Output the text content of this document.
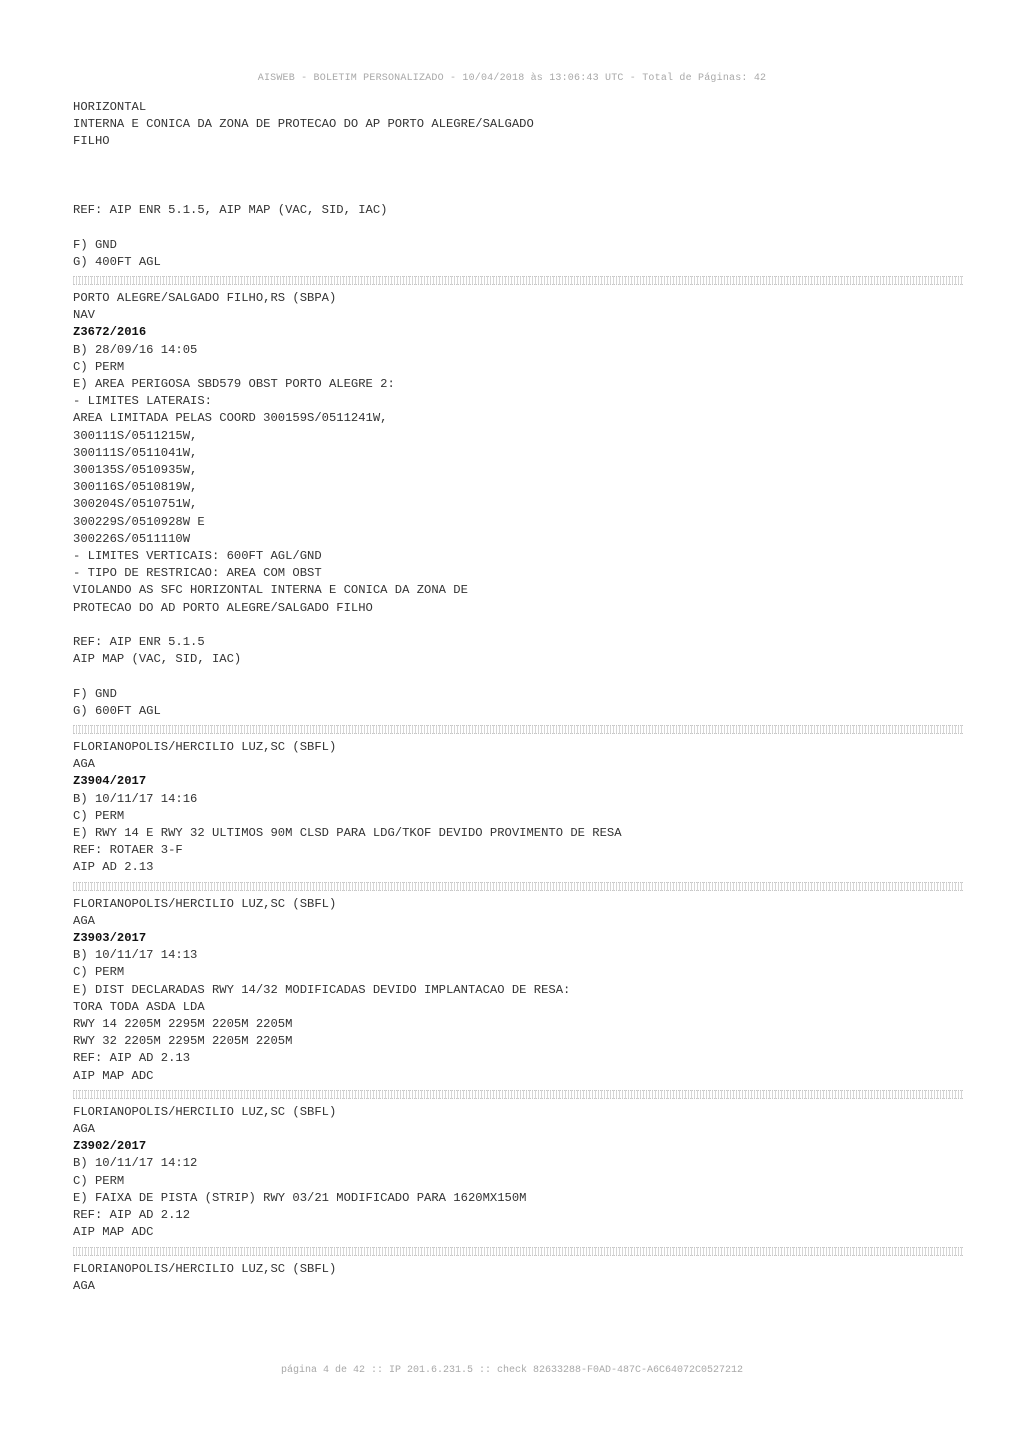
AISWEB - BOLETIM PERSONALIZADO - 10/04/2018 às 13:06:43 UTC - Total de Páginas: 42
HORIZONTAL
INTERNA E CONICA DA ZONA DE PROTECAO DO AP PORTO ALEGRE/SALGADO
FILHO
REF: AIP ENR 5.1.5, AIP MAP (VAC, SID, IAC)
F) GND
G) 400FT AGL
PORTO ALEGRE/SALGADO FILHO,RS (SBPA)
NAV
Z3672/2016
B) 28/09/16 14:05
C) PERM
E) AREA PERIGOSA SBD579 OBST PORTO ALEGRE 2:
- LIMITES LATERAIS:
AREA LIMITADA PELAS COORD 300159S/0511241W,
300111S/0511215W,
300111S/0511041W,
300135S/0510935W,
300116S/0510819W,
300204S/0510751W,
300229S/0510928W E
300226S/0511110W
- LIMITES VERTICAIS: 600FT AGL/GND
- TIPO DE RESTRICAO: AREA COM OBST
VIOLANDO AS SFC HORIZONTAL INTERNA E CONICA DA ZONA DE
PROTECAO DO AD PORTO ALEGRE/SALGADO FILHO
REF: AIP ENR 5.1.5
AIP MAP (VAC, SID, IAC)
F) GND
G) 600FT AGL
FLORIANOPOLIS/HERCILIO LUZ,SC (SBFL)
AGA
Z3904/2017
B) 10/11/17 14:16
C) PERM
E) RWY 14 E RWY 32 ULTIMOS 90M CLSD PARA LDG/TKOF DEVIDO PROVIMENTO DE RESA
REF: ROTAER 3-F
AIP AD 2.13
FLORIANOPOLIS/HERCILIO LUZ,SC (SBFL)
AGA
Z3903/2017
B) 10/11/17 14:13
C) PERM
E) DIST DECLARADAS RWY 14/32 MODIFICADAS DEVIDO IMPLANTACAO DE RESA:
TORA TODA ASDA LDA
RWY 14 2205M 2295M 2205M 2205M
RWY 32 2205M 2295M 2205M 2205M
REF: AIP AD 2.13
AIP MAP ADC
FLORIANOPOLIS/HERCILIO LUZ,SC (SBFL)
AGA
Z3902/2017
B) 10/11/17 14:12
C) PERM
E) FAIXA DE PISTA (STRIP) RWY 03/21 MODIFICADO PARA 1620MX150M
REF: AIP AD 2.12
AIP MAP ADC
FLORIANOPOLIS/HERCILIO LUZ,SC (SBFL)
AGA
página 4 de 42 :: IP 201.6.231.5 :: check 82633288-F0AD-487C-A6C64072C0527212
